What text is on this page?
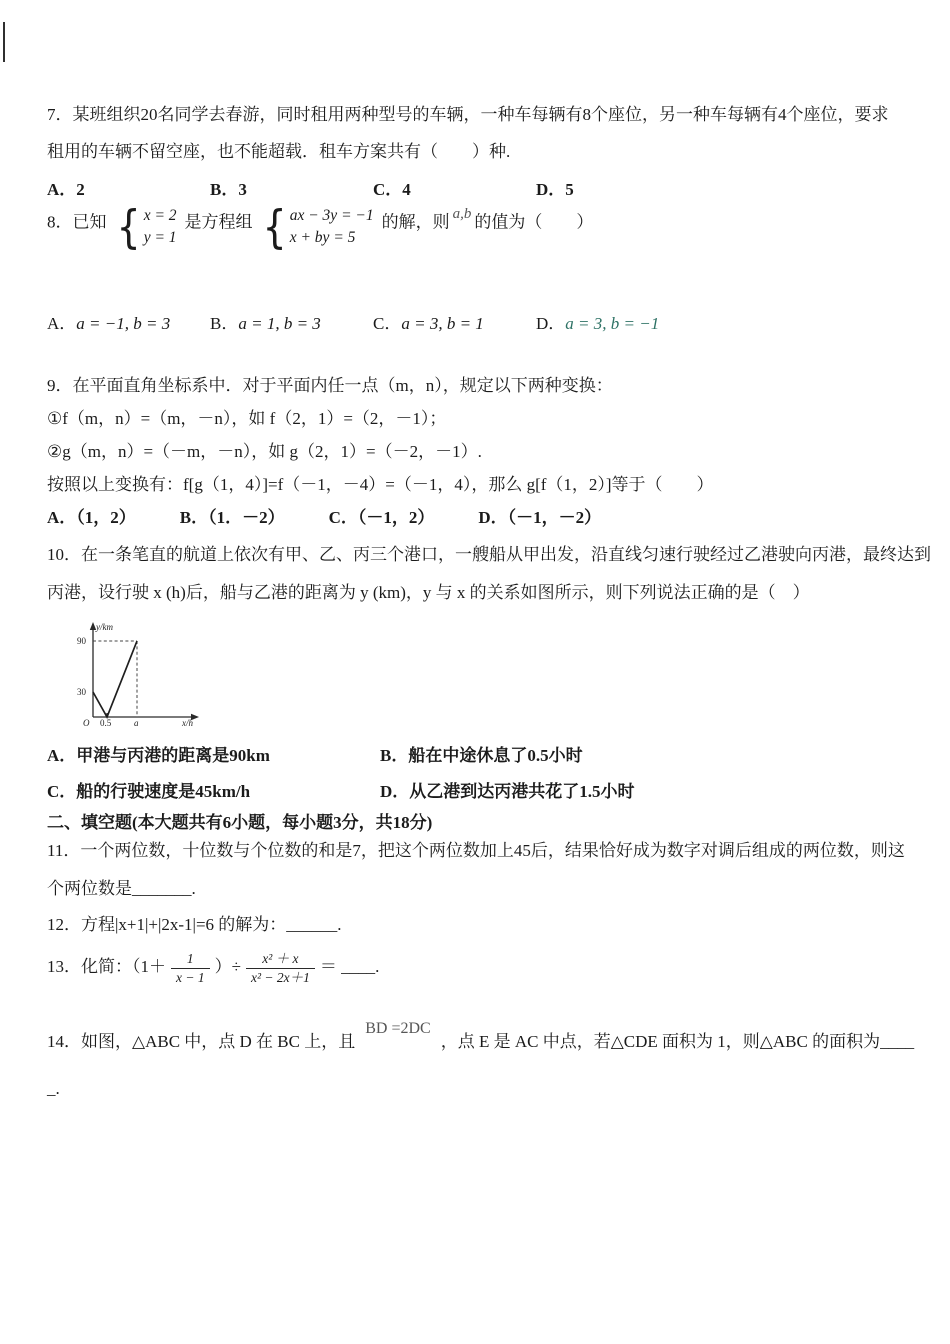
7．某班组织20名同学去春游，同时租用两种型号的车辆，一种车每辆有8个座位，另一种车每辆有4个座位，要求
租用的车辆不留空座，也不能超载．租车方案共有（　　）种.
A．2	B．3	C．4	D．5
8．已知 { x = 2
y = 1
是方程组 { ax − 3y = −1
x + by = 5
的解，则 a,b 的值为（　　）
A．a = −1, b = 3 B．a = 1, b = 3	C．a = 3, b = 1	D．a = 3, b = −1
9．在平面直角坐标系中．对于平面内任一点（m，n），规定以下两种变换：
①f（m，n）=（m，－n），如 f（2，1）=（2，－1）；
②g（m，n）=（－m，－n），如 g（2，1）=（－2，－1）.
按照以上变换有：f[g（1，4）]=f（－1，－4）=（－1，4），那么 g[f（1，2）]等于（　　）
A．（1，2）	B．（1．－2）	C．（－1，2）	D．（－1，－2）
10．在一条笔直的航道上依次有甲、乙、丙三个港口，一艘船从甲出发，沿直线匀速行驶经过乙港驶向丙港，最终达到
丙港，设行驶 x (h)后，船与乙港的距离为 y (km)，y 与 x 的关系如图所示，则下列说法正确的是（　）
y/km
90
30
O 0.5	a	x/h
A．甲港与丙港的距离是90km	B．船在中途休息了0.5小时
C．船的行驶速度是45km/h	D．从乙港到达丙港共花了1.5小时
二、填空题(本大题共有6小题，每小题3分，共18分)
11．一个两位数，十位数与个位数的和是7，把这个两位数加上45后，结果恰好成为数字对调后组成的两位数，则这
个两位数是_______.
12．方程|x+1|+|2x-1|=6 的解为：______.
13．化简：（$1+ \frac{1}{x - 1}$ ）÷ $\frac{\text{x² ＋ x}}{\text{x² − 2x＋1}}$ ＝ ____.
14．如图，△ABC 中，点 D 在 BC 上，且BD =2DC，点 E 是 AC 中点，若△CDE 面积为 1，则△ABC 的面积为____
_.
